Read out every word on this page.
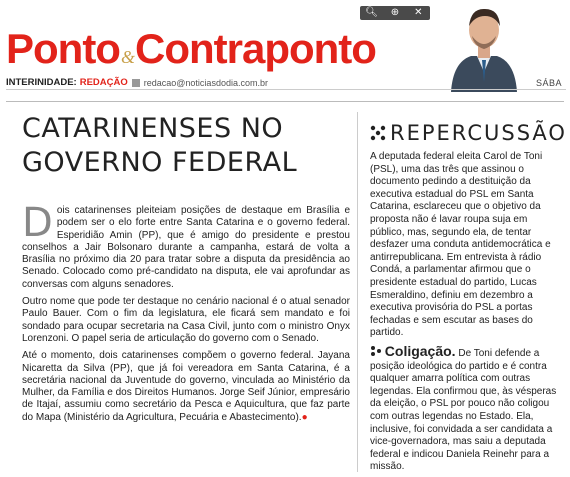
🔍︎	⊕	✕
Ponto & Contraponto
INTERINIDADE: REDAÇÃO redacao@noticiasdodia.com.br	SÁBA
CATARINENSES NO GOVERNO FEDERAL

Dois catarinenses pleiteiam posições de destaque em Brasília e podem ser o elo forte entre Santa Catarina e o governo federal. Esperidião Amin (PP), que é amigo do presidente e prestou conselhos a Jair Bolsonaro durante a campanha, estará de volta a Brasília no próximo dia 20 para tratar sobre a disputa da presidência ao Senado. Colocado como pré-candidato na disputa, ele vai aprofundar as conversas com alguns senadores.

Outro nome que pode ter destaque no cenário nacional é o atual senador Paulo Bauer. Com o fim da legislatura, ele ficará sem mandato e foi sondado para ocupar secretaria na Casa Civil, junto com o ministro Onyx Lorenzoni. O papel seria de articulação do governo com o Senado.

Até o momento, dois catarinenses compõem o governo federal. Jayana Nicaretta da Silva (PP), que já foi vereadora em Santa Catarina, é a secretária nacional da Juventude do governo, vinculada ao Ministério da Mulher, da Família e dos Direitos Humanos. Jorge Seif Júnior, empresário de Itajaí, assumiu como secretário da Pesca e Aquicultura, que faz parte do Mapa (Ministério da Agricultura, Pecuária e Abastecimento).●

REPERCUSSÃO
A deputada federal eleita Carol de Toni (PSL), uma das três que assinou o documento pedindo a destituição da executiva estadual do PSL em Santa Catarina, esclareceu que o objetivo da proposta não é lavar roupa suja em público, mas, segundo ela, de tentar desfazer uma conduta antidemocrática e antirrepublicana. Em entrevista à rádio Condá, a parlamentar afirmou que o presidente estadual do partido, Lucas Esmeraldino, definiu em dezembro a executiva provisória do PSL a portas fechadas e sem escutar as bases do partido.
Coligação. De Toni defende a posição ideológica do partido e é contra qualquer amarra política com outras legendas. Ela confirmou que, às vésperas da eleição, o PSL por pouco não coligou com outras legendas no Estado. Ela, inclusive, foi convidada a ser candidata a vice-governadora, mas saiu a deputada federal e indicou Daniela Reinehr para a missão.
